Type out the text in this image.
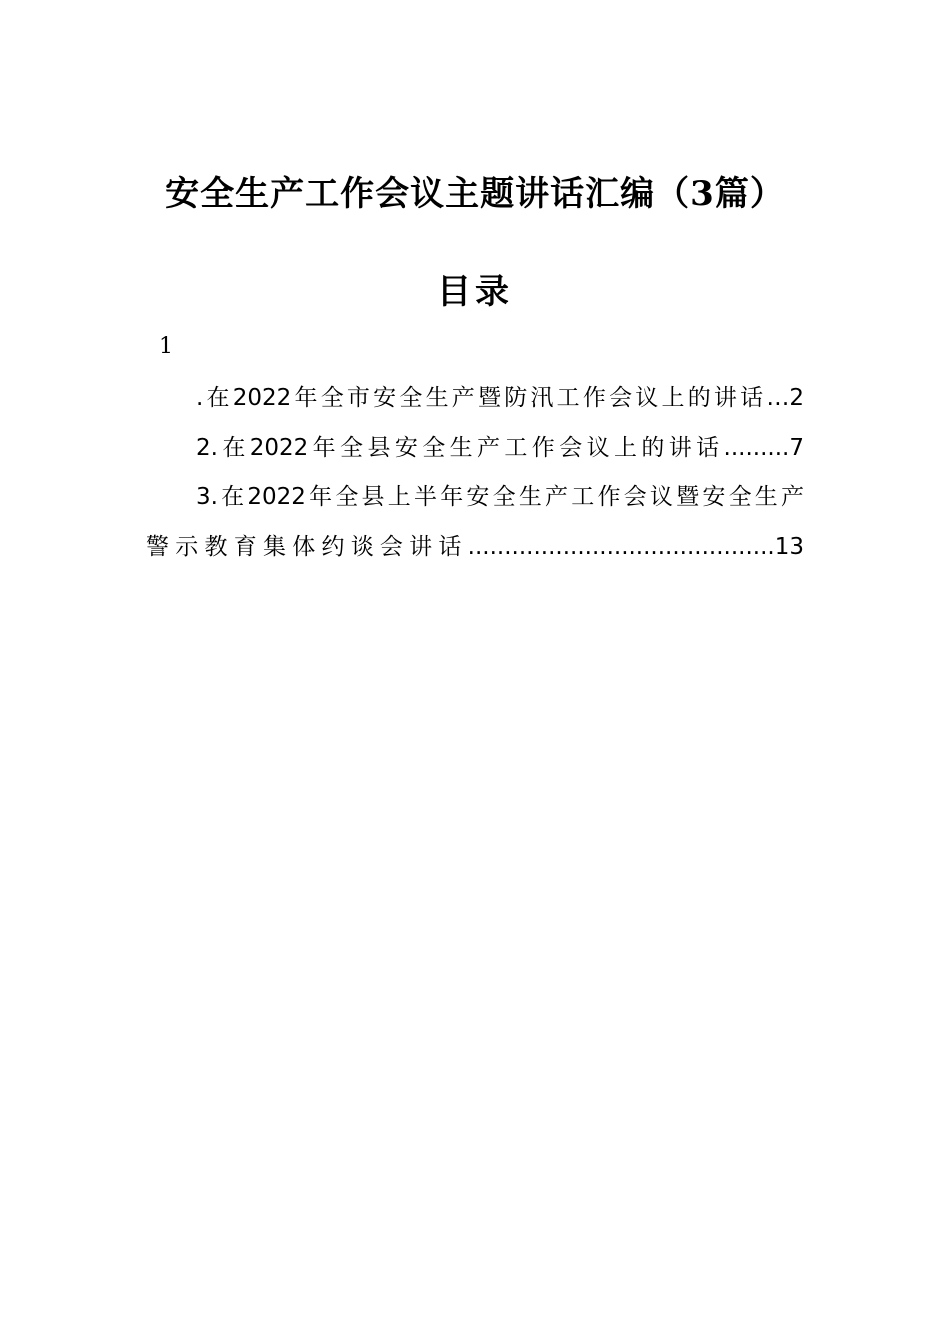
安全生产工作会议主题讲话汇编（3篇）
目录
1
.在2022年全市安全生产暨防汛工作会议上的讲话…2
2.在2022年全县安全生产工作会议上的讲话.........7
3.在2022年全县上半年安全生产工作会议暨安全生产
警示教育集体约谈会讲话..........................................13
